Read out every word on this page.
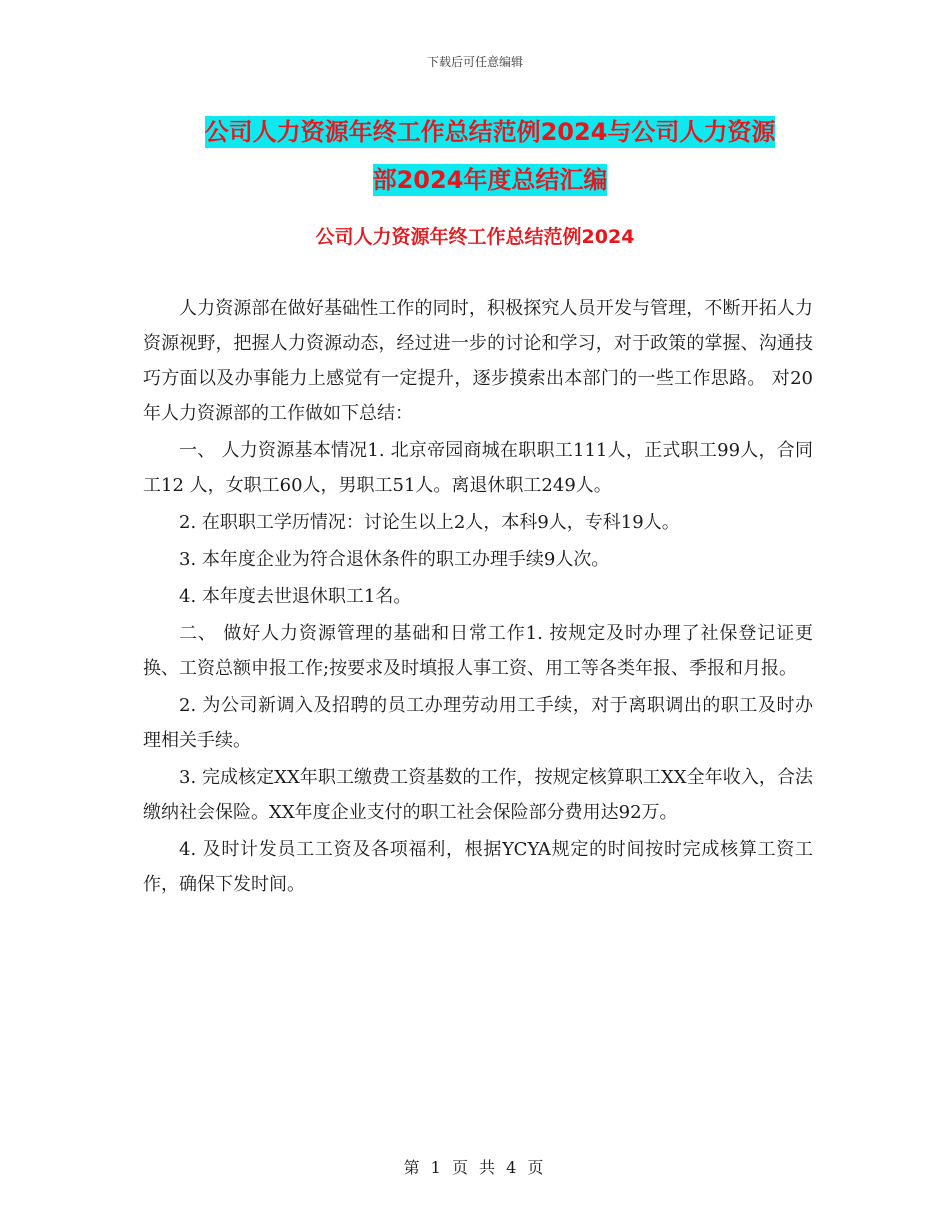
下载后可任意编辑
公司人力资源年终工作总结范例2024与公司人力资源
部2024年度总结汇编
公司人力资源年终工作总结范例2024

人力资源部在做好基础性工作的同时，积极探究人员开发与管理，不断开拓人力资源视野，把握人力资源动态，经过进一步的讨论和学习，对于政策的掌握、沟通技巧方面以及办事能力上感觉有一定提升，逐步摸索出本部门的一些工作思路。 对20 年人力资源部的工作做如下总结：

一、 人力资源基本情况1. 北京帝园商城在职职工111人，正式职工99人，合同工12 人，女职工60人，男职工51人。离退休职工249人。

2. 在职职工学历情况：讨论生以上2人，本科9人，专科19人。

3. 本年度企业为符合退休条件的职工办理手续9人次。

4. 本年度去世退休职工1名。

二、 做好人力资源管理的基础和日常工作1. 按规定及时办理了社保登记证更换、工资总额申报工作;按要求及时填报人事工资、用工等各类年报、季报和月报。

2. 为公司新调入及招聘的员工办理劳动用工手续，对于离职调出的职工及时办理相关手续。

3. 完成核定XX年职工缴费工资基数的工作，按规定核算职工XX全年收入，合法缴纳社会保险。XX年度企业支付的职工社会保险部分费用达92万。

4. 及时计发员工工资及各项福利，根据YCYA规定的时间按时完成核算工资工作，确保下发时间。

第 1 页 共 4 页
